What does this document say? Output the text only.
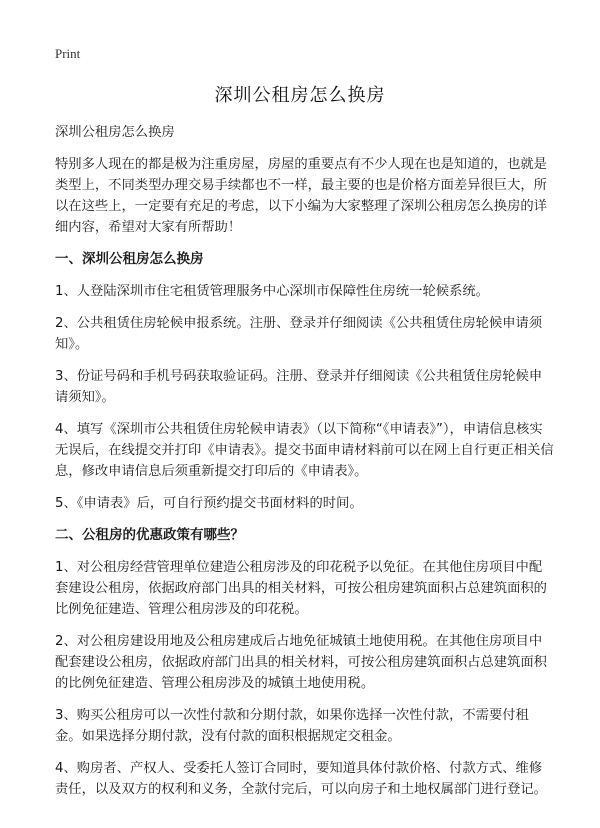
Print
深圳公租房怎么换房

深圳公租房怎么换房

特别多人现在的都是极为注重房屋，房屋的重要点有不少人现在也是知道的，也就是类型上，不同类型办理交易手续都也不一样，最主要的也是价格方面差异很巨大，所以在这些上，一定要有充足的考虑，以下小编为大家整理了深圳公租房怎么换房的详细内容，希望对大家有所帮助！

一、深圳公租房怎么换房

1、人登陆深圳市住宅租赁管理服务中心深圳市保障性住房统一轮候系统。

2、公共租赁住房轮候申报系统。注册、登录并仔细阅读《公共租赁住房轮候申请须知》。

3、份证号码和手机号码获取验证码。注册、登录并仔细阅读《公共租赁住房轮候申请须知》。

4、填写《深圳市公共租赁住房轮候申请表》（以下简称“《申请表》”），申请信息核实无误后，在线提交并打印《申请表》。提交书面申请材料前可以在网上自行更正相关信息，修改申请信息后须重新提交打印后的《申请表》。

5、《申请表》后，可自行预约提交书面材料的时间。

二、公租房的优惠政策有哪些？

1、对公租房经营管理单位建造公租房涉及的印花税予以免征。在其他住房项目中配套建设公租房，依据政府部门出具的相关材料，可按公租房建筑面积占总建筑面积的比例免征建造、管理公租房涉及的印花税。

2、对公租房建设用地及公租房建成后占地免征城镇土地使用税。在其他住房项目中配套建设公租房，依据政府部门出具的相关材料，可按公租房建筑面积占总建筑面积的比例免征建造、管理公租房涉及的城镇土地使用税。

3、购买公租房可以一次性付款和分期付款，如果你选择一次性付款，不需要付租金。如果选择分期付款，没有付款的面积根据规定交租金。

4、购房者、产权人、受委托人签订合同时，要知道具体付款价格、付款方式、维修责任，以及双方的权利和义务，全款付完后，可以向房子和土地权属部门进行登记。
